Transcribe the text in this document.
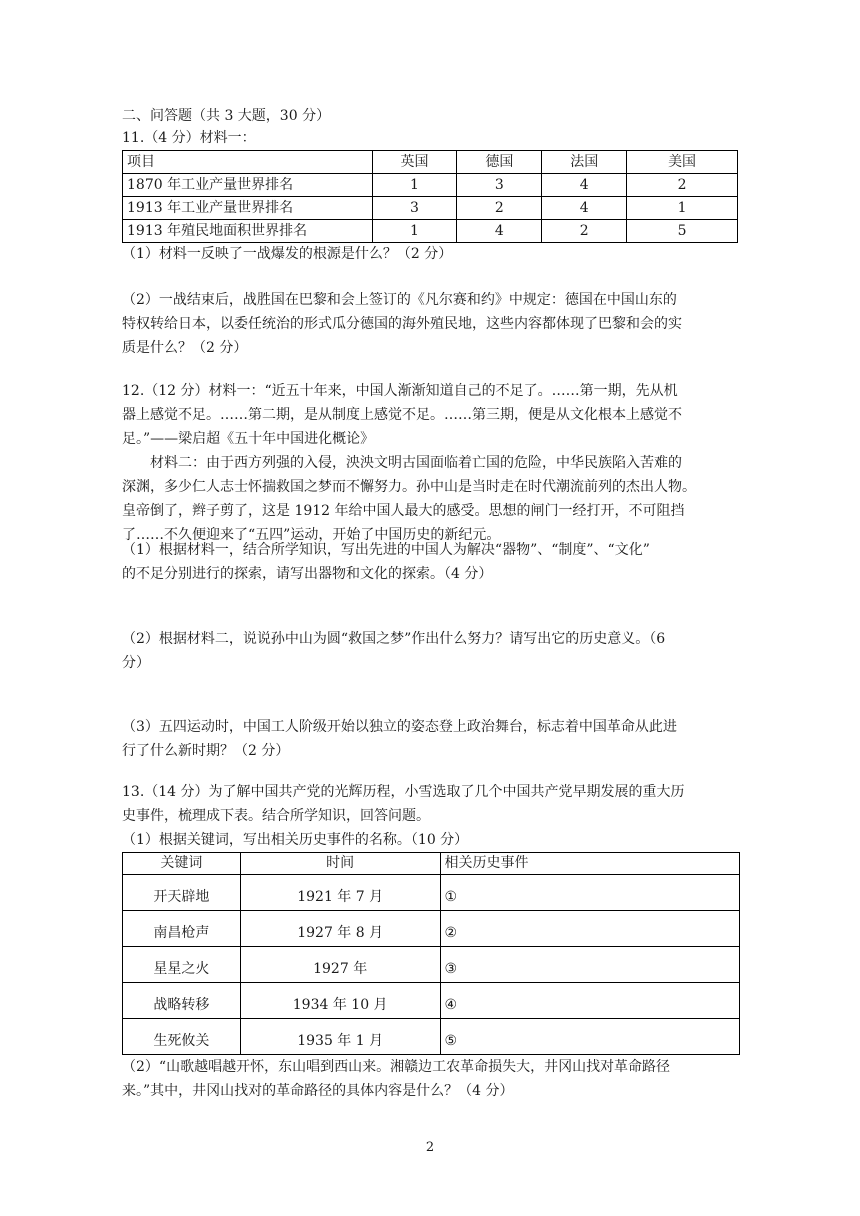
二、问答题（共 3 大题，30 分）
11.（4 分）材料一：
项目	英国	德国	法国	美国
1870 年工业产量世界排名	1	3	4	2
1913 年工业产量世界排名	3	2	4	1
1913 年殖民地面积世界排名	1	4	2	5
（1）材料一反映了一战爆发的根源是什么？（2 分）
（2）一战结束后，战胜国在巴黎和会上签订的《凡尔赛和约》中规定：德国在中国山东的
特权转给日本，以委任统治的形式瓜分德国的海外殖民地，这些内容都体现了巴黎和会的实
质是什么？（2 分）
12.（12 分）材料一：“近五十年来，中国人渐渐知道自己的不足了。……第一期，先从机
器上感觉不足。……第二期，是从制度上感觉不足。……第三期，便是从文化根本上感觉不
足。”——梁启超《五十年中国进化概论》
　　材料二：由于西方列强的入侵，泱泱文明古国面临着亡国的危险，中华民族陷入苦难的
深渊，多少仁人志士怀揣救国之梦而不懈努力。孙中山是当时走在时代潮流前列的杰出人物。
皇帝倒了，辫子剪了，这是 1912 年给中国人最大的感受。思想的闸门一经打开，不可阻挡
了……不久便迎来了“五四”运动，开始了中国历史的新纪元。
（1）根据材料一，结合所学知识，写出先进的中国人为解决“器物”、“制度”、“文化”
的不足分别进行的探索，请写出器物和文化的探索。（4 分）
（2）根据材料二，说说孙中山为圆“救国之梦”作出什么努力？请写出它的历史意义。（6
分）
（3）五四运动时，中国工人阶级开始以独立的姿态登上政治舞台，标志着中国革命从此进
行了什么新时期？（2 分）
13.（14 分）为了解中国共产党的光辉历程，小雪选取了几个中国共产党早期发展的重大历
史事件，梳理成下表。结合所学知识，回答问题。
（1）根据关键词，写出相关历史事件的名称。（10 分）
关键词	时间	相关历史事件
开天辟地	1921 年 7 月	①
南昌枪声	1927 年 8 月	②
星星之火	1927 年	③
战略转移	1934 年 10 月	④
生死攸关	1935 年 1 月	⑤
（2）“山歌越唱越开怀，东山唱到西山来。湘赣边工农革命损失大，井冈山找对革命路径
来。”其中，井冈山找对的革命路径的具体内容是什么？（4 分）
2
